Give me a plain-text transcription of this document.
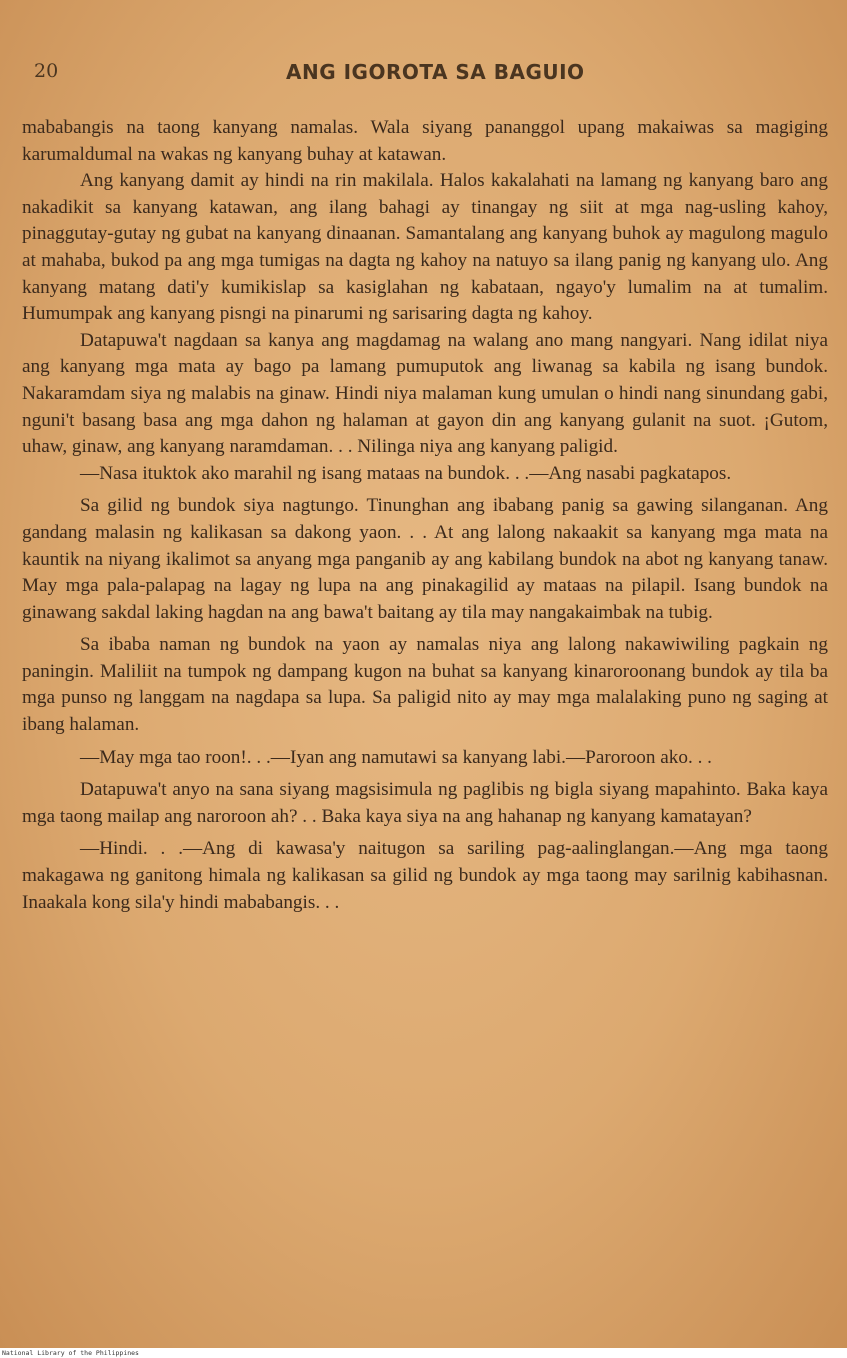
20	ANG IGOROTA SA BAGUIO

mababangis na taong kanyang namalas. Wala siyang pananggol upang makaiwas sa magiging karumaldumal na wakas ng kanyang buhay at katawan.

Ang kanyang damit ay hindi na rin makilala. Halos kakalahati na lamang ng kanyang baro ang nakadikit sa kanyang katawan, ang ilang bahagi ay tinangay ng siit at mga nag-usling kahoy, pinaggutay-gutay ng gubat na kanyang dinaanan. Samantalang ang kanyang buhok ay magulong magulo at mahaba, bukod pa ang mga tumigas na dagta ng kahoy na natuyo sa ilang panig ng kanyang ulo. Ang kanyang matang dati'y kumikislap sa kasiglahan ng kabataan, ngayo'y lumalim na at tumalim. Humumpak ang kanyang pisngi na pinarumi ng sarisaring dagta ng kahoy.

Datapuwa't nagdaan sa kanya ang magdamag na walang ano mang nangyari. Nang idilat niya ang kanyang mga mata ay bago pa lamang pumuputok ang liwanag sa kabila ng isang bundok. Nakaramdam siya ng malabis na ginaw. Hindi niya malaman kung umulan o hindi nang sinundang gabi, nguni't basang basa ang mga dahon ng halaman at gayon din ang kanyang gulanit na suot. ¡Gutom, uhaw, ginaw, ang kanyang naramdaman. . . Nilinga niya ang kanyang paligid.

—Nasa ituktok ako marahil ng isang mataas na bundok. . .—Ang nasabi pagkatapos.

Sa gilid ng bundok siya nagtungo. Tinunghan ang ibabang panig sa gawing silanganan. Ang gandang malasin ng kalikasan sa dakong yaon. . . At ang lalong nakaakit sa kanyang mga mata na kauntik na niyang ikalimot sa anyang mga panganib ay ang kabilang bundok na abot ng kanyang tanaw. May mga pala-palapag na lagay ng lupa na ang pinakagilid ay mataas na pilapil. Isang bundok na ginawang sakdal laking hagdan na ang bawa't baitang ay tila may nangakaimbak na tubig.

Sa ibaba naman ng bundok na yaon ay namalas niya ang lalong nakawiwiling pagkain ng paningin. Maliliit na tumpok ng dampang kugon na buhat sa kanyang kinaroroonang bundok ay tila ba mga punso ng langgam na nagdapa sa lupa. Sa paligid nito ay may mga malalaking puno ng saging at ibang halaman.

—May mga tao roon!. . .—Iyan ang namutawi sa kanyang labi.—Paroroon ako. . .

Datapuwa't anyo na sana siyang magsisimula ng paglibis ng bigla siyang mapahinto. Baka kaya mga taong mailap ang naroroon ah? . . Baka kaya siya na ang hahanap ng kanyang kamatayan?

—Hindi. . .—Ang di kawasa'y naitugon sa sariling pag-aalinglangan.—Ang mga taong makagawa ng ganitong himala ng kalikasan sa gilid ng bundok ay mga taong may sarilnig kabihasnan. Inaakala kong sila'y hindi mababangis. . .

National Library of the Philippines
